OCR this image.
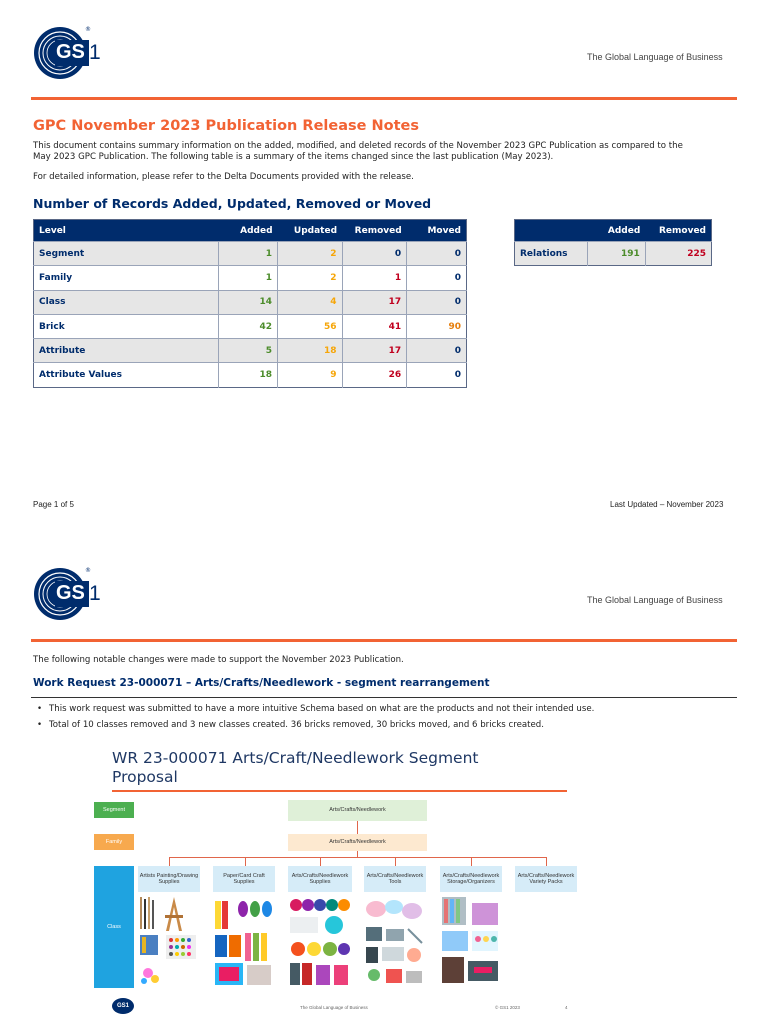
GS 1
®
The Global Language of Business
GPC November 2023 Publication Release Notes
This document contains summary information on the added, modified, and deleted records of the November 2023 GPC Publication as compared to the
May 2023 GPC Publication. The following table is a summary of the items changed since the last publication (May 2023).
For detailed information, please refer to the Delta Documents provided with the release.
Number of Records Added, Updated, Removed or Moved
Level	Added	Updated	Removed	Moved
Segment	1	2	0	0
Family	1	2	1	0
Class	14	4	17	0
Brick	42	56	41	90
Attribute	5	18	17	0
Attribute Values	18	9	26	0
	Added	Removed
Relations	191	225
Page 1 of 5	Last Updated – November 2023
GS 1
®
The Global Language of Business
The following notable changes were made to support the November 2023 Publication.
Work Request 23-000071 – Arts/Crafts/Needlework - segment rearrangement
• This work request was submitted to have a more intuitive Schema based on what are the products and not their intended use.
• Total of 10 classes removed and 3 new classes created. 36 bricks removed, 30 bricks moved, and 6 bricks created.
WR 23-000071 Arts/Craft/Needlework Segment
Proposal
Segment
Family
Class
Arts/Crafts/Needlework
Arts/Crafts/Needlework
Artists Painting/Drawing Supplies
Paper/Card Craft Supplies
Arts/Crafts/Needlework Supplies
Arts/Crafts/Needlework Tools
Arts/Crafts/Needlework Storage/Organizers
Arts/Crafts/Needlework Variety Packs
GS1	The Global Language of Business	© GS1 2023	4
